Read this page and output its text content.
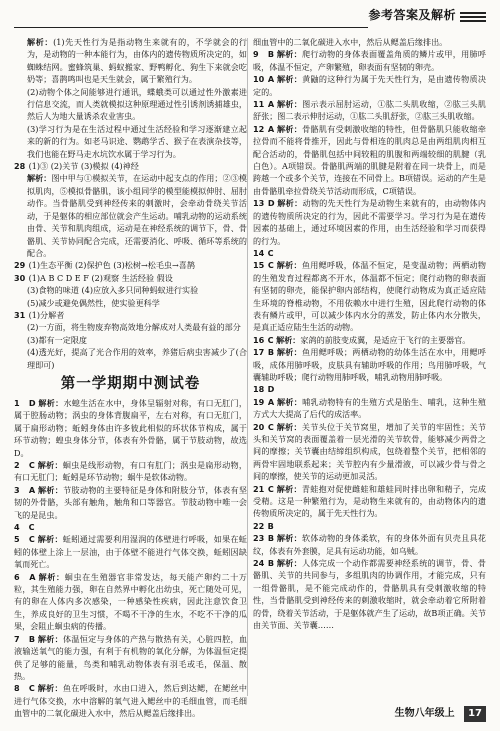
参考答案及解析

解析：(1)先天性行为是指动物生来就有的，不学就会的行为，是动物的一种本能行为，由体内的遗传物质所决定的，如蜘蛛结网。蜜蜂筑巢、蚂蚁搬家、野鸭孵化、狗生下来就会吃奶等；喜鹊鸣叫也是天生就会，属于繁殖行为。

(2)动物个体之间能够进行通讯，蝶蛾类可以通过性外激素进行信息交流，而人类就模拟这种原理通过性引诱剂诱捕雄虫，然后人为地大量诱杀农业害虫。

(3)学习行为是在生活过程中通过生活经验和学习逐渐建立起来的新的行为。如老马识途、鹦鹉学舌、猴子在表演杂技等，我们也能在野马走水坑饮水属于学习行为。

28 (1)③ (2)关节 (3)模拟 (4)神经

解析：图中甲与①模拟关节，在运动中起支点的作用；②③模拟肌肉，⑤模拟骨骼肌，该小组同学的模型能模拟伸肘、屈肘动作。当骨骼肌受到神经传来的刺激时，会牵动骨绕关节活动，于是躯体的相应部位就会产生运动。哺乳动物的运动系统由骨、关节和肌肉组成，运动是在神经系统的调节下，骨、骨骼肌、关节协同配合完成，还需要消化、呼吸、循环等系统的配合。

29 (1)生态平衡 (2)保护色 (3)松树→松毛虫→喜鹊

30 (1)A B C D E F (2)观察 生活经验 假设

(3)食物的味道 (4)应放入多只同种蚂蚁进行实验

(5)减少或避免偶然性，使实验更科学

31 (1)分解者

(2)一方面，将生物废弃物高效地分解成对人类最有益的部分

(3)都有一定限度

(4)透光好，提高了光合作用的效率，养猪后病虫害减少了(合理即可)

第一学期期中测试卷

1 D 解析：水螅生活在水中，身体呈辐射对称，有口无肛门，属于腔肠动物；涡虫的身体背腹扁平，左右对称，有口无肛门，属于扁形动物；蚯蚓身体由许多彼此相似的环状体节构成，属于环节动物；蝗虫身体分节，体表有外骨骼，属于节肢动物，故选D。

2 C 解析：蛔虫是线形动物，有口有肛门；涡虫是扁形动物，有口无肛门；蚯蚓是环节动物；蜗牛是软体动物。

3 A 解析：节肢动物的主要特征是身体和附肢分节，体表有坚韧的外骨骼，头部有触角，触角和口等器官。节肢动物中唯一会飞的是昆虫。

4 C

5 C 解析：蚯蚓通过需要利用湿润的体壁进行呼吸，如果在蚯蚓的体壁上涂上一层油，由于体壁不能进行气体交换，蚯蚓因缺氧而死亡。

6 A 解析：蛔虫在生殖器官非常发达，每天能产卵约二十万粒，其生殖能力强，卵在自然界中孵化出幼虫，死亡随处可见，有的卵在人体内多次感染，一种感染性疾病，因此注意饮食卫生，养成良好的卫生习惯，不喝不干净的生水，不吃不干净的瓜果，会阻止蛔虫病的传播。

7 B 解析：体温恒定与身体的产热与散热有关，心脏四腔，血液输送氧气的能力强，有利于有机物的氧化分解，为体温恒定提供了足够的能量，鸟类和哺乳动物体表有羽毛或毛，保温、散热。

8 C 解析：鱼在呼吸时，水由口进入，然后到达鳃，在鳃丝中进行气体交换，水中溶解的氧气进入鳃丝中的毛细血管，而毛细血管中的二氧化碳进入水中，然后从鳃盖后缘排出。

细血管中的二氧化碳进入水中，然后从鳃盖后缘排出。

9 B 解析：爬行动物的身体表面覆盖角质的鳞片或甲，用肺呼吸，体温不恒定，产卵繁殖，卵表面有坚韧的卵壳。

10 A 解析：黄鼬的这种行为属于先天性行为，是由遗传物质决定的。

11 A 解析：图示表示屈肘运动，①肱二头肌收缩，②肱三头肌舒张；图二表示伸肘运动，①肱二头肌舒张，②肱三头肌收缩。

12 A 解析：骨骼肌有受刺激收缩的特性，但骨骼肌只能收缩牵拉骨而不能将骨推开，因此与骨相连的肌肉总是由两组肌肉相互配合活动的，骨骼肌包括中间较粗的肌腹和两端较细的肌腱（乳白色）。A项错误。骨骼肌两端的肌腱是附着在同一块骨上，而是跨越一个或多个关节，连接在不同骨上。B项错误。运动的产生是由骨骼肌牵拉骨绕关节活动而形成，C项错误。

13 D 解析：动物的先天性行为是动物生来就有的，由动物体内的遗传物质所决定的行为，因此不需要学习。学习行为是在遗传因素的基础上，通过环境因素的作用，由生活经验和学习而获得的行为。

14 C

15 C 解析：鱼用鳃呼吸，体温不恒定，是变温动物；两栖动物的生殖发育过程都离不开水，体温都不恒定；爬行动物的卵表面有坚韧的卵壳，能保护卵内部结构，使爬行动物成为真正适应陆生环境的脊椎动物，不用依赖水中进行生殖，因此爬行动物的体表有鳞片或甲，可以减少体内水分的蒸发，防止体内水分散失，是真正适应陆生生活的动物。

16 C 解析：家鸽的前肢变成翼，是适应于飞行的主要器官。

17 B 解析：鱼用鳃呼吸；两栖动物的幼体生活在水中，用鳃呼吸，成体用肺呼吸，皮肤具有辅助呼吸的作用；鸟用肺呼吸，气囊辅助呼吸；爬行动物用肺呼吸，哺乳动物用肺呼吸。

18 D

19 A 解析：哺乳动物特有的生殖方式是胎生、哺乳，这种生殖方式大大提高了后代的成活率。

20 C 解析：关节头位于关节窝里，增加了关节的牢固性；关节头和关节窝的表面覆盖着一层光滑的关节软骨，能够减少两骨之间的摩擦；关节囊由结缔组织构成，包绕着整个关节，把相邻的两骨牢固地联系起来；关节腔内有少量滑液，可以减少骨与骨之间的摩擦，使关节的运动更加灵活。

21 C 解析：青蛙抱对促使雌蛙和雄蛙同时排出卵和精子，完成受精。这是一种繁殖行为，是动物生来就有的，由动物体内的遗传物质所决定的，属于先天性行为。

22 B

23 B 解析：软体动物的身体柔软，有的身体外面有贝壳且具花纹，体表有外套膜，足具有运动功能，如乌贼。

24 B 解析：人体完成一个动作都需要神经系统的调节，骨、骨骼肌、关节的共同参与，多组肌肉的协调作用，才能完成，只有一组骨骼肌，是不能完成动作的，骨骼肌具有受刺激收缩的特性，当骨骼肌受到神经传来的刺激收缩时，就会牵动着它所附着的骨，绕着关节活动，于是躯体就产生了运动，故B项正确。关节由关节面、关节囊……

生物八年级上 17
